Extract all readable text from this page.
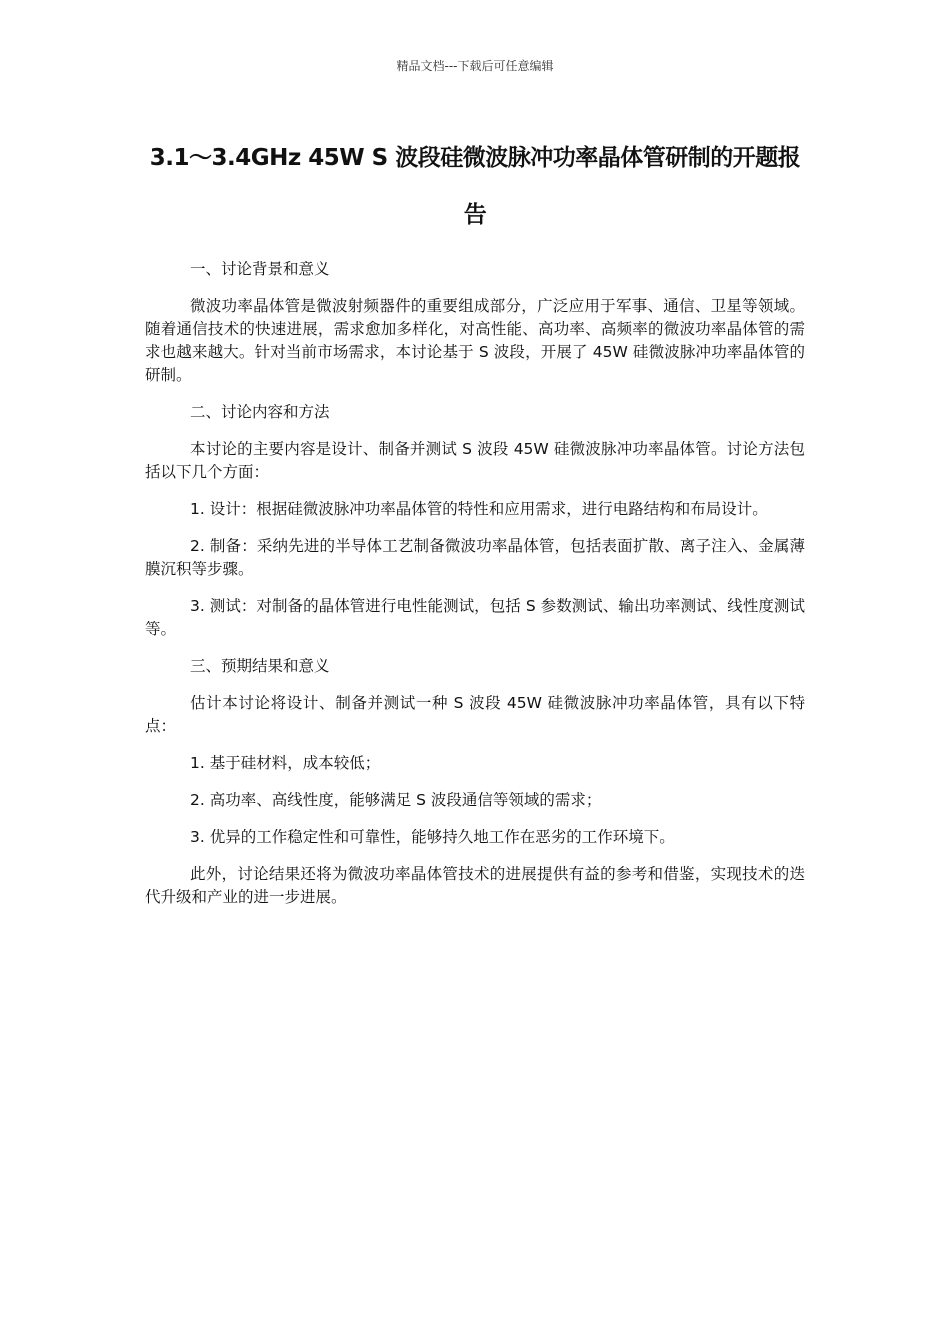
精品文档---下载后可任意编辑
3.1～3.4GHz 45W S 波段硅微波脉冲功率晶体管研制的开题报告

一、讨论背景和意义

微波功率晶体管是微波射频器件的重要组成部分，广泛应用于军事、通信、卫星等领域。随着通信技术的快速进展，需求愈加多样化，对高性能、高功率、高频率的微波功率晶体管的需求也越来越大。针对当前市场需求，本讨论基于 S 波段，开展了 45W 硅微波脉冲功率晶体管的研制。

二、讨论内容和方法

本讨论的主要内容是设计、制备并测试 S 波段 45W 硅微波脉冲功率晶体管。讨论方法包括以下几个方面：

1. 设计：根据硅微波脉冲功率晶体管的特性和应用需求，进行电路结构和布局设计。

2. 制备：采纳先进的半导体工艺制备微波功率晶体管，包括表面扩散、离子注入、金属薄膜沉积等步骤。

3. 测试：对制备的晶体管进行电性能测试，包括 S 参数测试、输出功率测试、线性度测试等。

三、预期结果和意义

估计本讨论将设计、制备并测试一种 S 波段 45W 硅微波脉冲功率晶体管，具有以下特点：

1. 基于硅材料，成本较低；

2. 高功率、高线性度，能够满足 S 波段通信等领域的需求；

3. 优异的工作稳定性和可靠性，能够持久地工作在恶劣的工作环境下。

此外，讨论结果还将为微波功率晶体管技术的进展提供有益的参考和借鉴，实现技术的迭代升级和产业的进一步进展。
